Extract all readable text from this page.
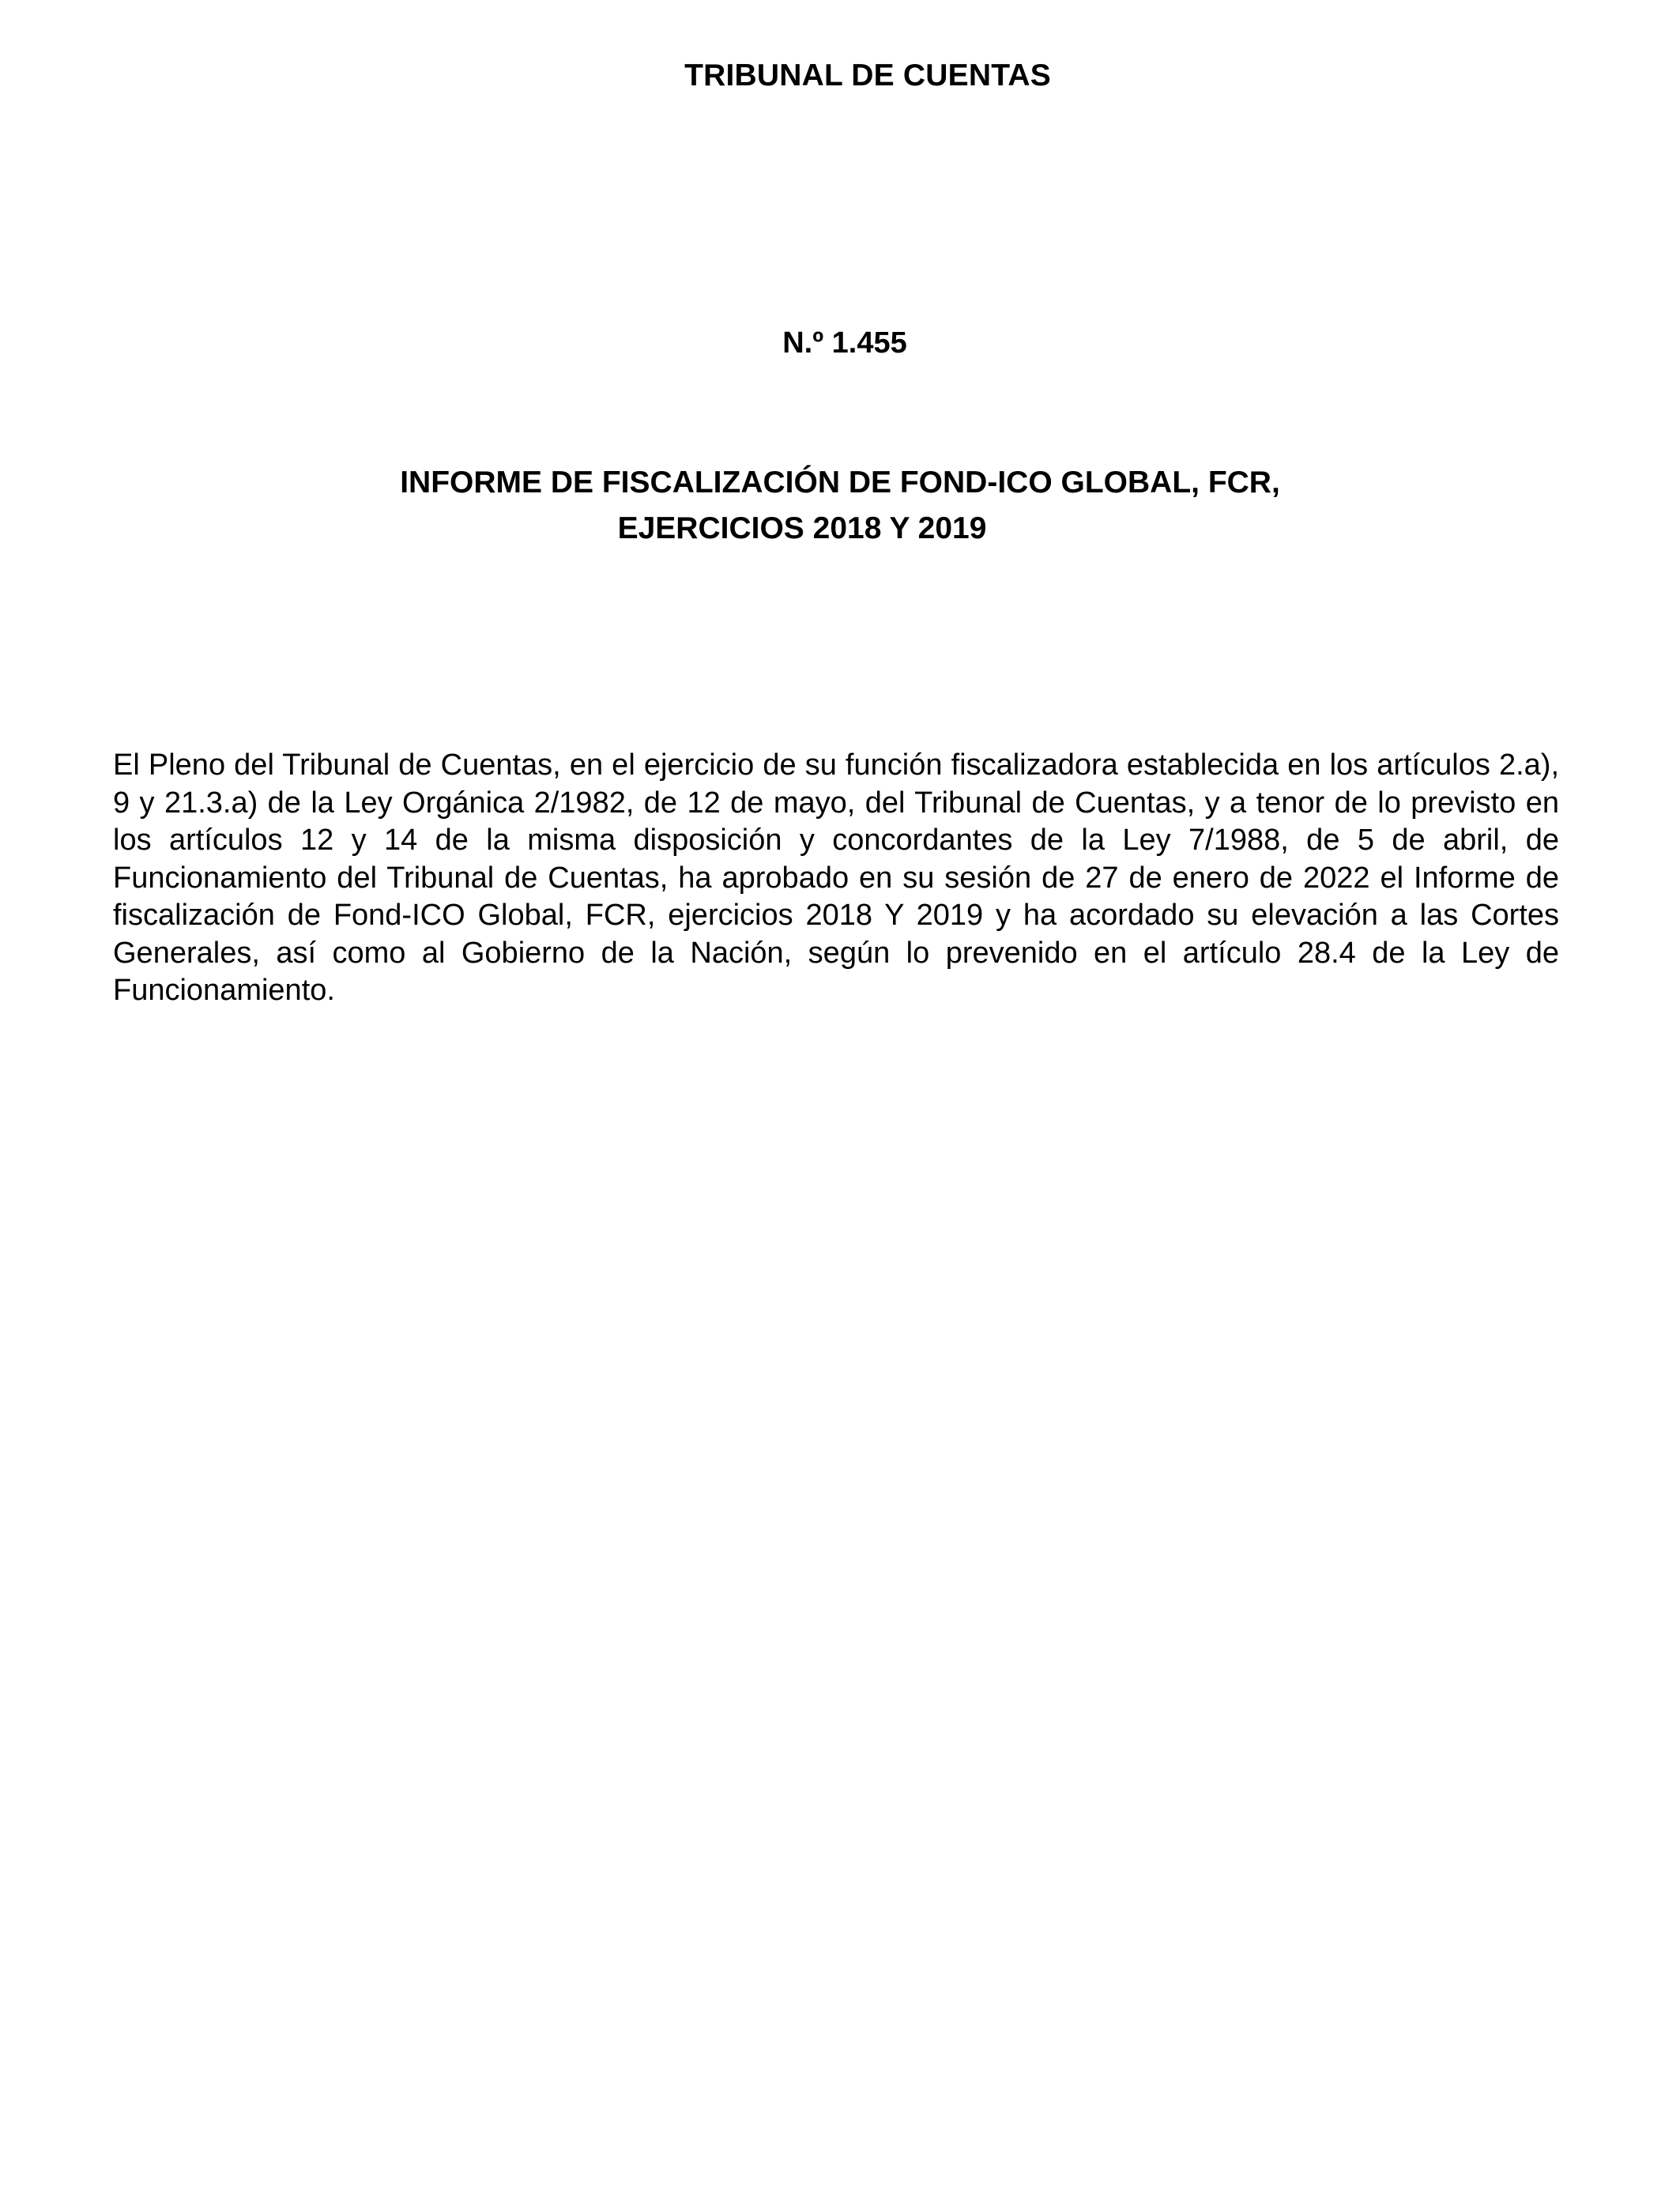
TRIBUNAL DE CUENTAS
N.º 1.455
INFORME DE FISCALIZACIÓN DE FOND-ICO GLOBAL, FCR,
EJERCICIOS 2018 Y 2019

El Pleno del Tribunal de Cuentas, en el ejercicio de su función fiscalizadora establecida en los artículos 2.a), 9 y 21.3.a) de la Ley Orgánica 2/1982, de 12 de mayo, del Tribunal de Cuentas, y a tenor de lo previsto en los artículos 12 y 14 de la misma disposición y concordantes de la Ley 7/1988, de 5 de abril, de Funcionamiento del Tribunal de Cuentas, ha aprobado en su sesión de 27 de enero de 2022 el Informe de fiscalización de Fond-ICO Global, FCR, ejercicios 2018 Y 2019 y ha acordado su elevación a las Cortes Generales, así como al Gobierno de la Nación, según lo prevenido en el artículo 28.4 de la Ley de Funcionamiento.
